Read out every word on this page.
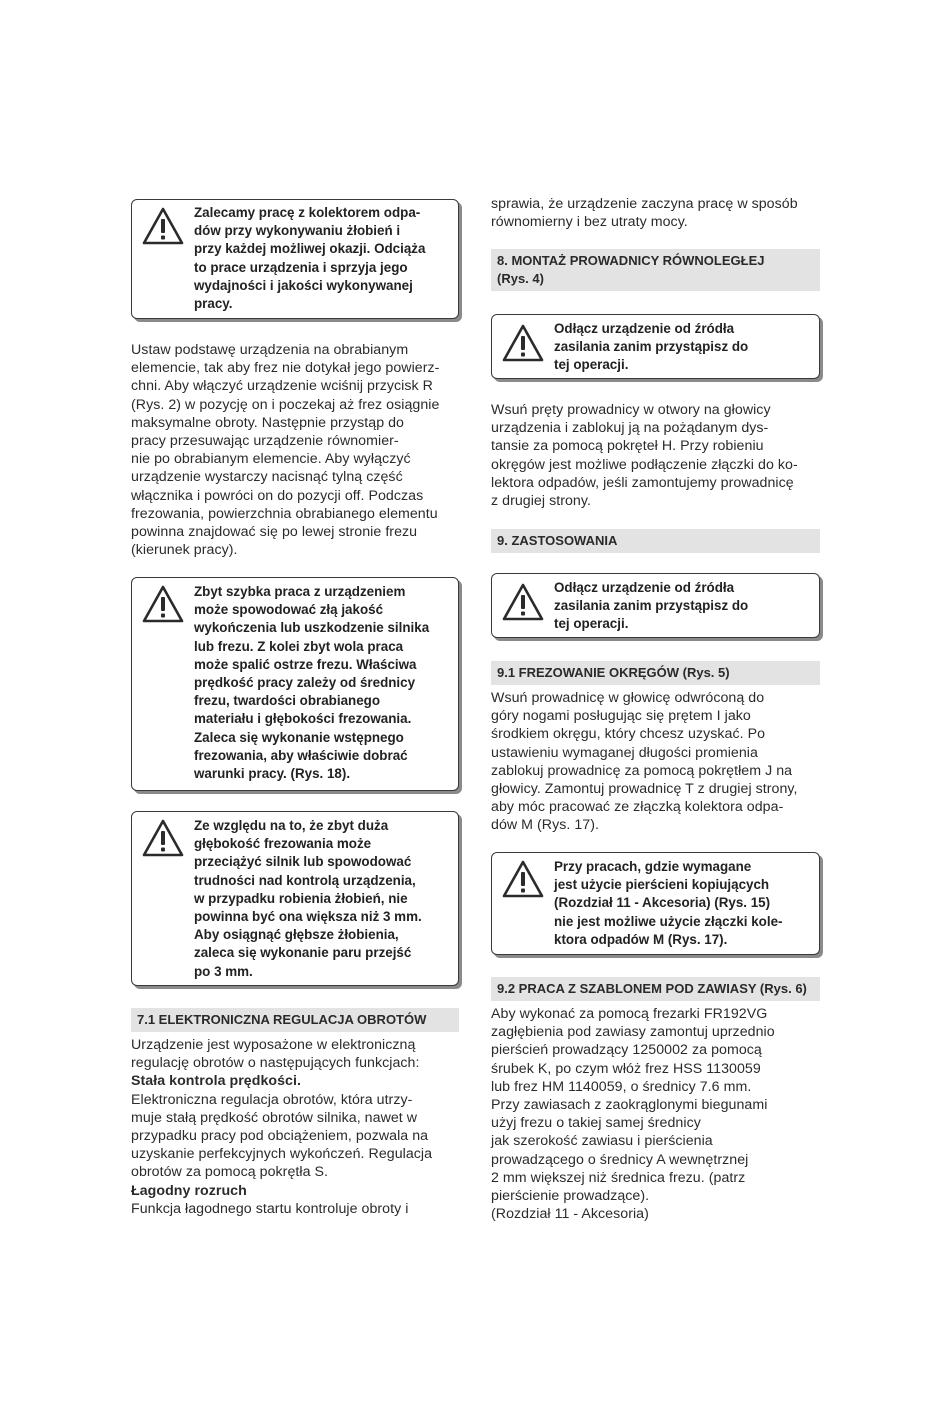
Zalecamy pracę z kolektorem odpa-
dów przy wykonywaniu żłobień i
przy każdej możliwej okazji. Odciąża
to prace urządzenia i sprzyja jego
wydajności i jakości wykonywanej
pracy.

Ustaw podstawę urządzenia na obrabianym

elemencie, tak aby frez nie dotykał jego powierz-

chni. Aby włączyć urządzenie wciśnij przycisk R

(Rys. 2) w pozycję on i poczekaj aż frez osiągnie

maksymalne obroty. Następnie przystąp do

pracy przesuwając urządzenie równomier-

nie po obrabianym elemencie. Aby wyłączyć

urządzenie wystarczy nacisnąć tylną część

włącznika i powróci on do pozycji off. Podczas

frezowania, powierzchnia obrabianego elementu

powinna znajdować się po lewej stronie frezu

(kierunek pracy).

Zbyt szybka praca z urządzeniem
może spowodować złą jakość
wykończenia lub uszkodzenie silnika
lub frezu. Z kolei zbyt wola praca
może spalić ostrze frezu. Właściwa
prędkość pracy zależy od średnicy
frezu, twardości obrabianego
materiału i głębokości frezowania.
Zaleca się wykonanie wstępnego
frezowania, aby właściwie dobrać
warunki pracy. (Rys. 18).
Ze względu na to, że zbyt duża
głębokość frezowania może
przeciążyć silnik lub spowodować
trudności nad kontrolą urządzenia,
w przypadku robienia żłobień, nie
powinna być ona większa niż 3 mm.
Aby osiągnąć głębsze żłobienia,
zaleca się wykonanie paru przejść
po 3 mm.
7.1 ELEKTRONICZNA REGULACJA OBROTÓW

Urządzenie jest wyposażone w elektroniczną

regulację obrotów o następujących funkcjach:

Stała kontrola prędkości.

Elektroniczna regulacja obrotów, która utrzy-

muje stałą prędkość obrotów silnika, nawet w

przypadku pracy pod obciążeniem, pozwala na

uzyskanie perfekcyjnych wykończeń. Regulacja

obrotów za pomocą pokrętła S.

Łagodny rozruch

Funkcja łagodnego startu kontroluje obroty i

sprawia, że urządzenie zaczyna pracę w sposób

równomierny i bez utraty mocy.

8. MONTAŻ PROWADNICY RÓWNOLEGŁEJ
(Rys. 4)
Odłącz urządzenie od źródła
zasilania zanim przystąpisz do
tej operacji.

Wsuń pręty prowadnicy w otwory na głowicy

urządzenia i zablokuj ją na pożądanym dys-

tansie za pomocą pokręteł H. Przy robieniu

okręgów jest możliwe podłączenie złączki do ko-

lektora odpadów, jeśli zamontujemy prowadnicę

z drugiej strony.

9. ZASTOSOWANIA
Odłącz urządzenie od źródła
zasilania zanim przystąpisz do
tej operacji.
9.1 FREZOWANIE OKRĘGÓW (Rys. 5)

Wsuń prowadnicę w głowicę odwróconą do

góry nogami posługując się prętem I jako

środkiem okręgu, który chcesz uzyskać. Po

ustawieniu wymaganej długości promienia

zablokuj prowadnicę za pomocą pokrętłem J na

głowicy. Zamontuj prowadnicę T z drugiej strony,

aby móc pracować ze złączką kolektora odpa-

dów M (Rys. 17).

Przy pracach, gdzie wymagane
jest użycie pierścieni kopiujących
(Rozdział 11 - Akcesoria) (Rys. 15)
nie jest możliwe użycie złączki kole-
ktora odpadów M (Rys. 17).
9.2 PRACA Z SZABLONEM POD ZAWIASY (Rys. 6)

Aby wykonać za pomocą frezarki FR192VG

zagłębienia pod zawiasy zamontuj uprzednio

pierścień prowadzący 1250002 za pomocą

śrubek K, po czym włóż frez HSS 1130059

lub frez HM 1140059, o średnicy 7.6 mm.

Przy zawiasach z zaokrąglonymi biegunami

użyj frezu o takiej samej średnicy

jak szerokość zawiasu i pierścienia

prowadzącego o średnicy A wewnętrznej

2 mm większej niż średnica frezu. (patrz

pierścienie prowadzące).

(Rozdział 11 - Akcesoria)
